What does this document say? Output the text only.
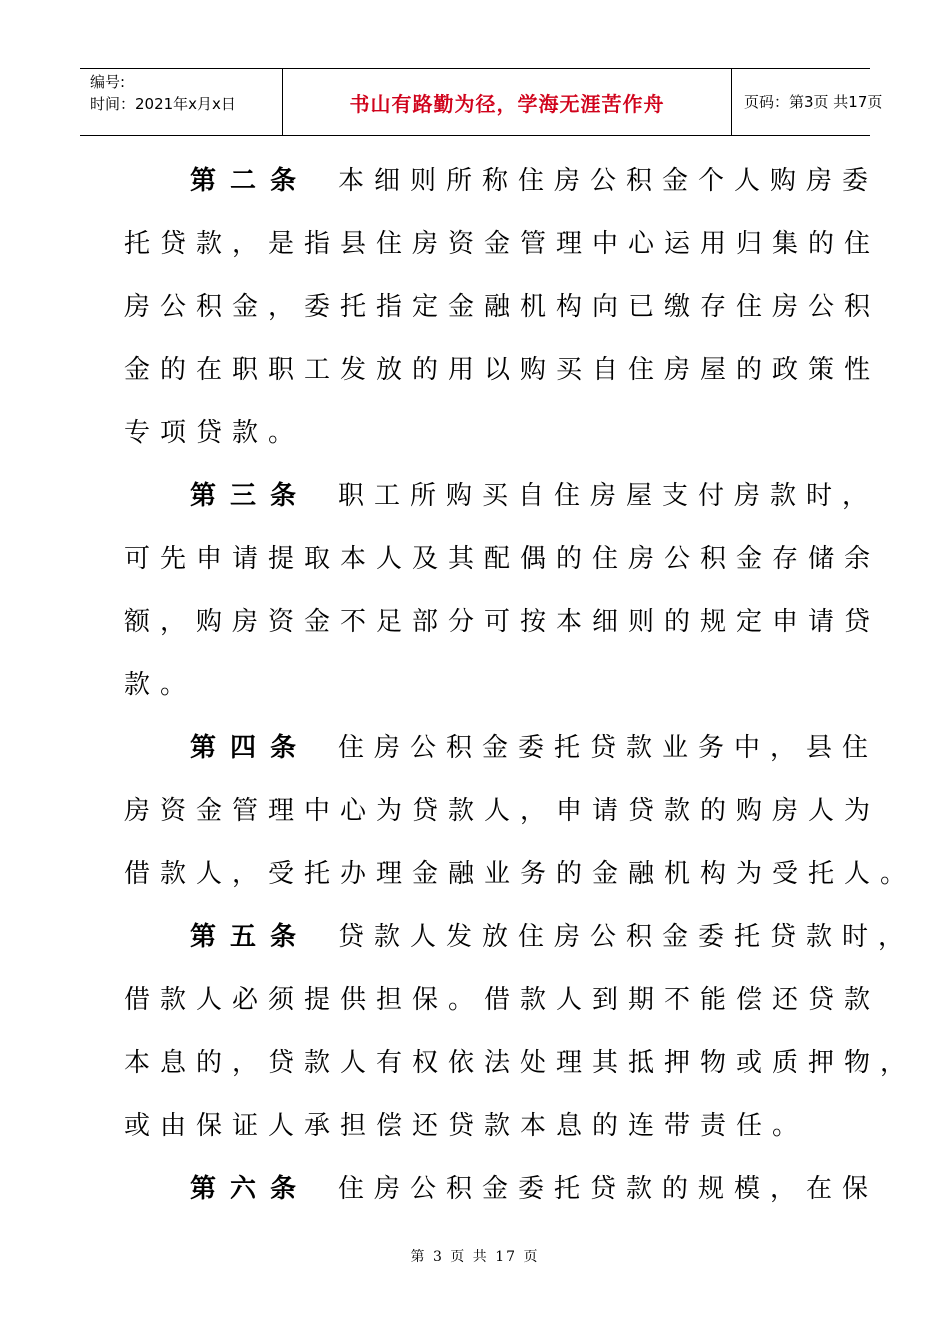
编号:
时间：2021年x月x日	书山有路勤为径，学海无涯苦作舟	页码：第3页 共17页
第二条 本细则所称住房公积金个人购房委
托贷款，是指县住房资金管理中心运用归集的住
房公积金，委托指定金融机构向已缴存住房公积
金的在职职工发放的用以购买自住房屋的政策性
专项贷款。
第三条 职工所购买自住房屋支付房款时，
可先申请提取本人及其配偶的住房公积金存储余
额，购房资金不足部分可按本细则的规定申请贷
款。
第四条 住房公积金委托贷款业务中，县住
房资金管理中心为贷款人，申请贷款的购房人为
借款人，受托办理金融业务的金融机构为受托人。
第五条 贷款人发放住房公积金委托贷款时，
借款人必须提供担保。借款人到期不能偿还贷款
本息的，贷款人有权依法处理其抵押物或质押物，
或由保证人承担偿还贷款本息的连带责任。
第六条 住房公积金委托贷款的规模，在保
第 3 页 共 17 页
